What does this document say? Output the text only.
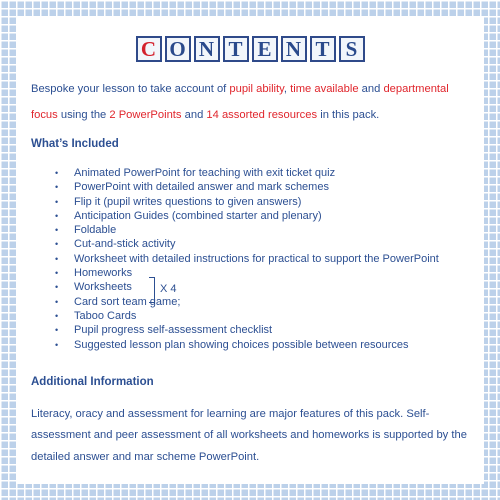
C O N T E N T S

Bespoke your lesson to take account of pupil ability, time available and departmental focus using the 2 PowerPoints and 14 assorted resources in this pack.

What’s Included

• Animated PowerPoint for teaching with exit ticket quiz
• PowerPoint with detailed answer and mark schemes
• Flip it (pupil writes questions to given answers)
• Anticipation Guides (combined starter and plenary)
• Foldable
• Cut-and-stick activity
• Worksheet with detailed instructions for practical to support the PowerPoint
• Homeworks
• Worksheets
• Card sort team game;
• Taboo Cards
• Pupil progress self-assessment checklist
• Suggested lesson plan showing choices possible between resources
X 4

Additional Information

Literacy, oracy and assessment for learning are major features of this pack. Self-assessment and peer assessment of all worksheets and homeworks is supported by the detailed answer and mar scheme PowerPoint.
